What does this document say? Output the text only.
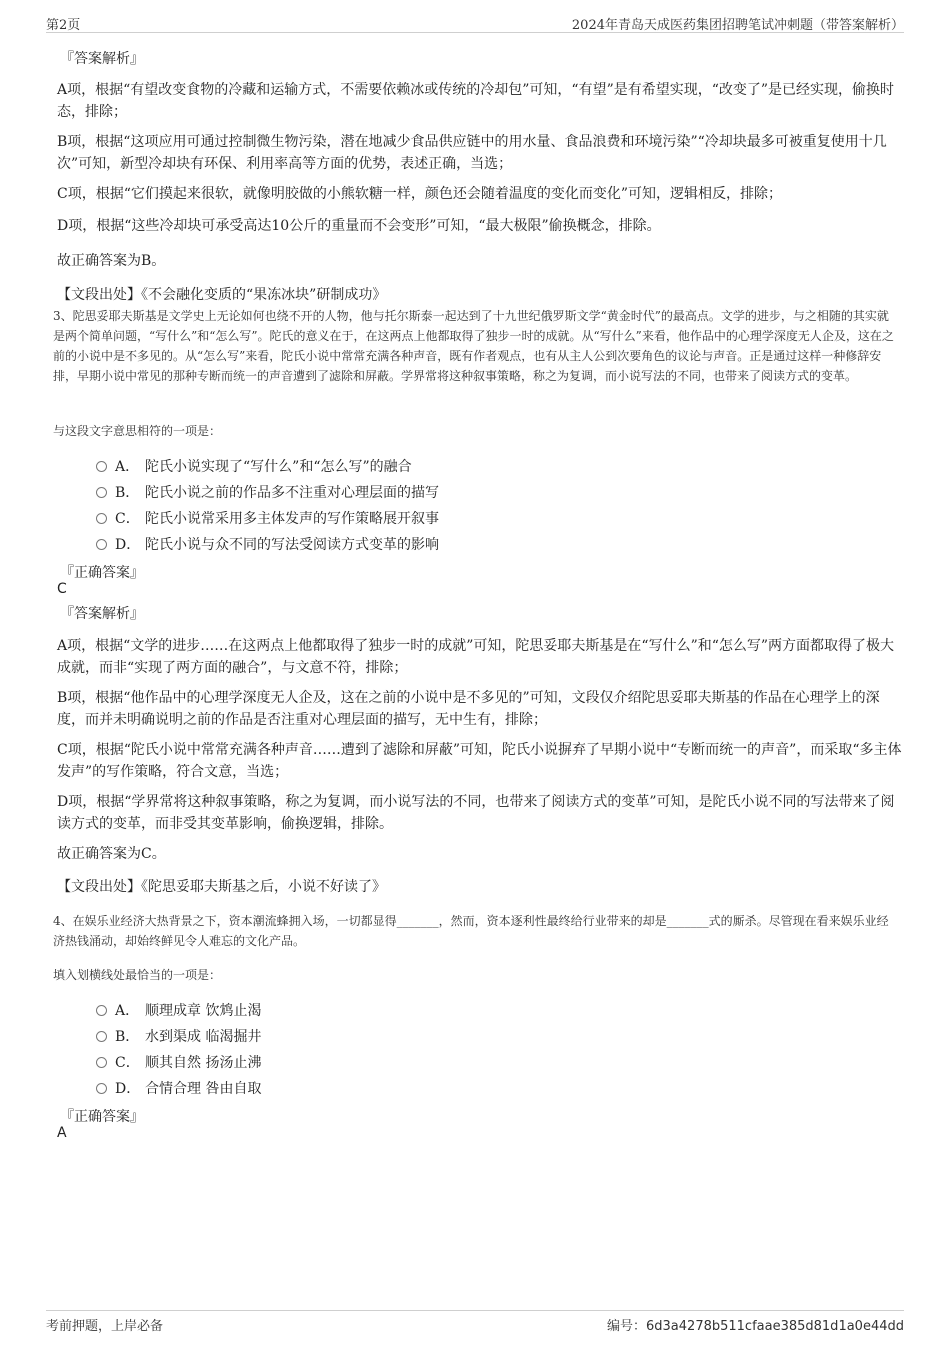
第2页	2024年青岛天成医药集团招聘笔试冲刺题（带答案解析）
『答案解析』
A项，根据“有望改变食物的冷藏和运输方式，不需要依赖冰或传统的冷却包”可知，“有望”是有希望实现，“改变了”是已经实现，偷换时态，排除；
B项，根据“这项应用可通过控制微生物污染，潜在地减少食品供应链中的用水量、食品浪费和环境污染”“冷却块最多可被重复使用十几次”可知，新型冷却块有环保、利用率高等方面的优势，表述正确，当选；
C项，根据“它们摸起来很软，就像明胶做的小熊软糖一样，颜色还会随着温度的变化而变化”可知，逻辑相反，排除；
D项，根据“这些冷却块可承受高达10公斤的重量而不会变形”可知，“最大极限”偷换概念，排除。
故正确答案为B。
【文段出处】《不会融化变质的“果冻冰块”研制成功》
3、陀思妥耶夫斯基是文学史上无论如何也绕不开的人物，他与托尔斯泰一起达到了十九世纪俄罗斯文学“黄金时代”的最高点。文学的进步，与之相随的其实就是两个简单问题，“写什么”和“怎么写”。陀氏的意义在于，在这两点上他都取得了独步一时的成就。从“写什么”来看，他作品中的心理学深度无人企及，这在之前的小说中是不多见的。从“怎么写”来看，陀氏小说中常常充满各种声音，既有作者观点，也有从主人公到次要角色的议论与声音。正是通过这样一种修辞安排，早期小说中常见的那种专断而统一的声音遭到了滤除和屏蔽。学界常将这种叙事策略，称之为复调，而小说写法的不同，也带来了阅读方式的变革。
与这段文字意思相符的一项是：
A． 陀氏小说实现了“写什么”和“怎么写”的融合
B． 陀氏小说之前的作品多不注重对心理层面的描写
C． 陀氏小说常采用多主体发声的写作策略展开叙事
D． 陀氏小说与众不同的写法受阅读方式变革的影响
『正确答案』
C
『答案解析』
A项，根据“文学的进步……在这两点上他都取得了独步一时的成就”可知，陀思妥耶夫斯基是在“写什么”和“怎么写”两方面都取得了极大成就，而非“实现了两方面的融合”，与文意不符，排除；
B项，根据“他作品中的心理学深度无人企及，这在之前的小说中是不多见的”可知，文段仅介绍陀思妥耶夫斯基的作品在心理学上的深度，而并未明确说明之前的作品是否注重对心理层面的描写，无中生有，排除；
C项，根据“陀氏小说中常常充满各种声音……遭到了滤除和屏蔽”可知，陀氏小说摒弃了早期小说中“专断而统一的声音”，而采取“多主体发声”的写作策略，符合文意，当选；
D项，根据“学界常将这种叙事策略，称之为复调，而小说写法的不同，也带来了阅读方式的变革”可知，是陀氏小说不同的写法带来了阅读方式的变革，而非受其变革影响，偷换逻辑，排除。
故正确答案为C。
【文段出处】《陀思妥耶夫斯基之后，小说不好读了》
4、在娱乐业经济大热背景之下，资本潮流蜂拥入场，一切都显得_______，然而，资本逐利性最终给行业带来的却是_______式的厮杀。尽管现在看来娱乐业经济热钱涌动，却始终鲜见令人难忘的文化产品。
填入划横线处最恰当的一项是：
A． 顺理成章 饮鸩止渴
B． 水到渠成 临渴掘井
C． 顺其自然 扬汤止沸
D． 合情合理 咎由自取
『正确答案』
A
考前押题，上岸必备	编号：6d3a4278b511cfaae385d81d1a0e44dd
